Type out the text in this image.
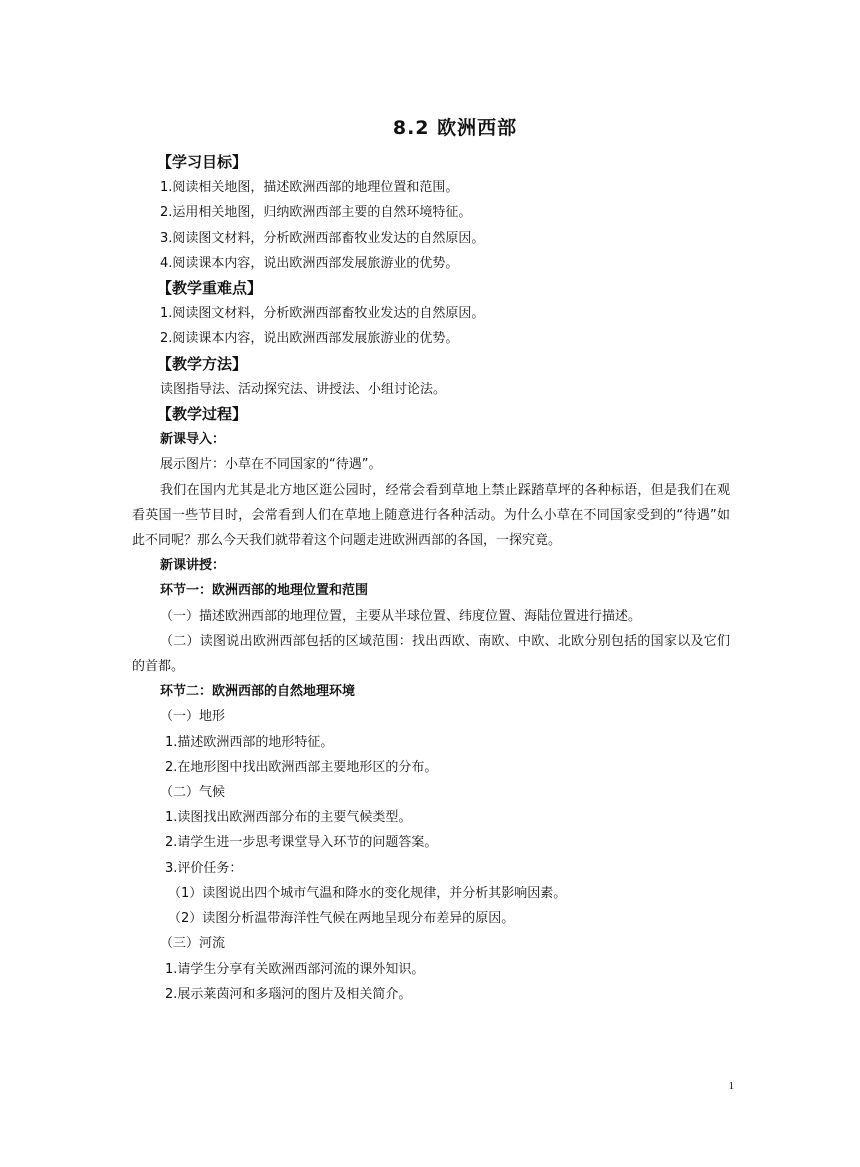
8.2 欧洲西部
【学习目标】
1.阅读相关地图，描述欧洲西部的地理位置和范围。
2.运用相关地图，归纳欧洲西部主要的自然环境特征。
3.阅读图文材料，分析欧洲西部畜牧业发达的自然原因。
4.阅读课本内容，说出欧洲西部发展旅游业的优势。
【教学重难点】
1.阅读图文材料，分析欧洲西部畜牧业发达的自然原因。
2.阅读课本内容，说出欧洲西部发展旅游业的优势。
【教学方法】
读图指导法、活动探究法、讲授法、小组讨论法。
【教学过程】
新课导入：
展示图片：小草在不同国家的“待遇”。
我们在国内尤其是北方地区逛公园时，经常会看到草地上禁止踩踏草坪的各种标语，但是我们在观看英国一些节目时，会常看到人们在草地上随意进行各种活动。为什么小草在不同国家受到的“待遇”如此不同呢？那么今天我们就带着这个问题走进欧洲西部的各国，一探究竟。
新课讲授：
环节一：欧洲西部的地理位置和范围
（一）描述欧洲西部的地理位置，主要从半球位置、纬度位置、海陆位置进行描述。
（二）读图说出欧洲西部包括的区域范围：找出西欧、南欧、中欧、北欧分别包括的国家以及它们的首都。
环节二：欧洲西部的自然地理环境
（一）地形
1.描述欧洲西部的地形特征。
2.在地形图中找出欧洲西部主要地形区的分布。
（二）气候
1.读图找出欧洲西部分布的主要气候类型。
2.请学生进一步思考课堂导入环节的问题答案。
3.评价任务：
（1）读图说出四个城市气温和降水的变化规律，并分析其影响因素。
（2）读图分析温带海洋性气候在两地呈现分布差异的原因。
（三）河流
1.请学生分享有关欧洲西部河流的课外知识。
2.展示莱茵河和多瑙河的图片及相关简介。
1
